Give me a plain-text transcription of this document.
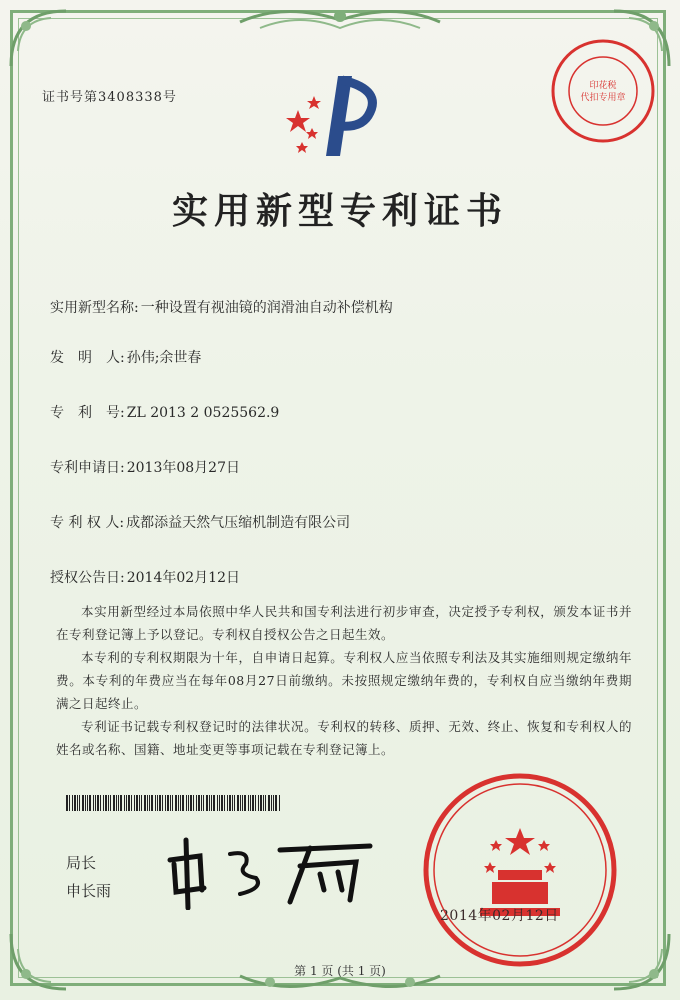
证书号第3408338号
印花税
代扣专用章
实用新型专利证书
实用新型名称: 一种设置有视油镜的润滑油自动补偿机构
发　明　人: 孙伟;余世春
专　利　号: ZL 2013 2 0525562.9
专利申请日: 2013年08月27日
专 利 权 人: 成都添益天然气压缩机制造有限公司
授权公告日: 2014年02月12日
本实用新型经过本局依照中华人民共和国专利法进行初步审查，决定授予专利权，颁发本证书并在专利登记簿上予以登记。专利权自授权公告之日起生效。
本专利的专利权期限为十年，自申请日起算。专利权人应当依照专利法及其实施细则规定缴纳年费。本专利的年费应当在每年08月27日前缴纳。未按照规定缴纳年费的，专利权自应当缴纳年费期满之日起终止。
专利证书记载专利权登记时的法律状况。专利权的转移、质押、无效、终止、恢复和专利权人的姓名或名称、国籍、地址变更等事项记载在专利登记簿上。
局长
申长雨
2014年02月12日
第 1 页 (共 1 页)
